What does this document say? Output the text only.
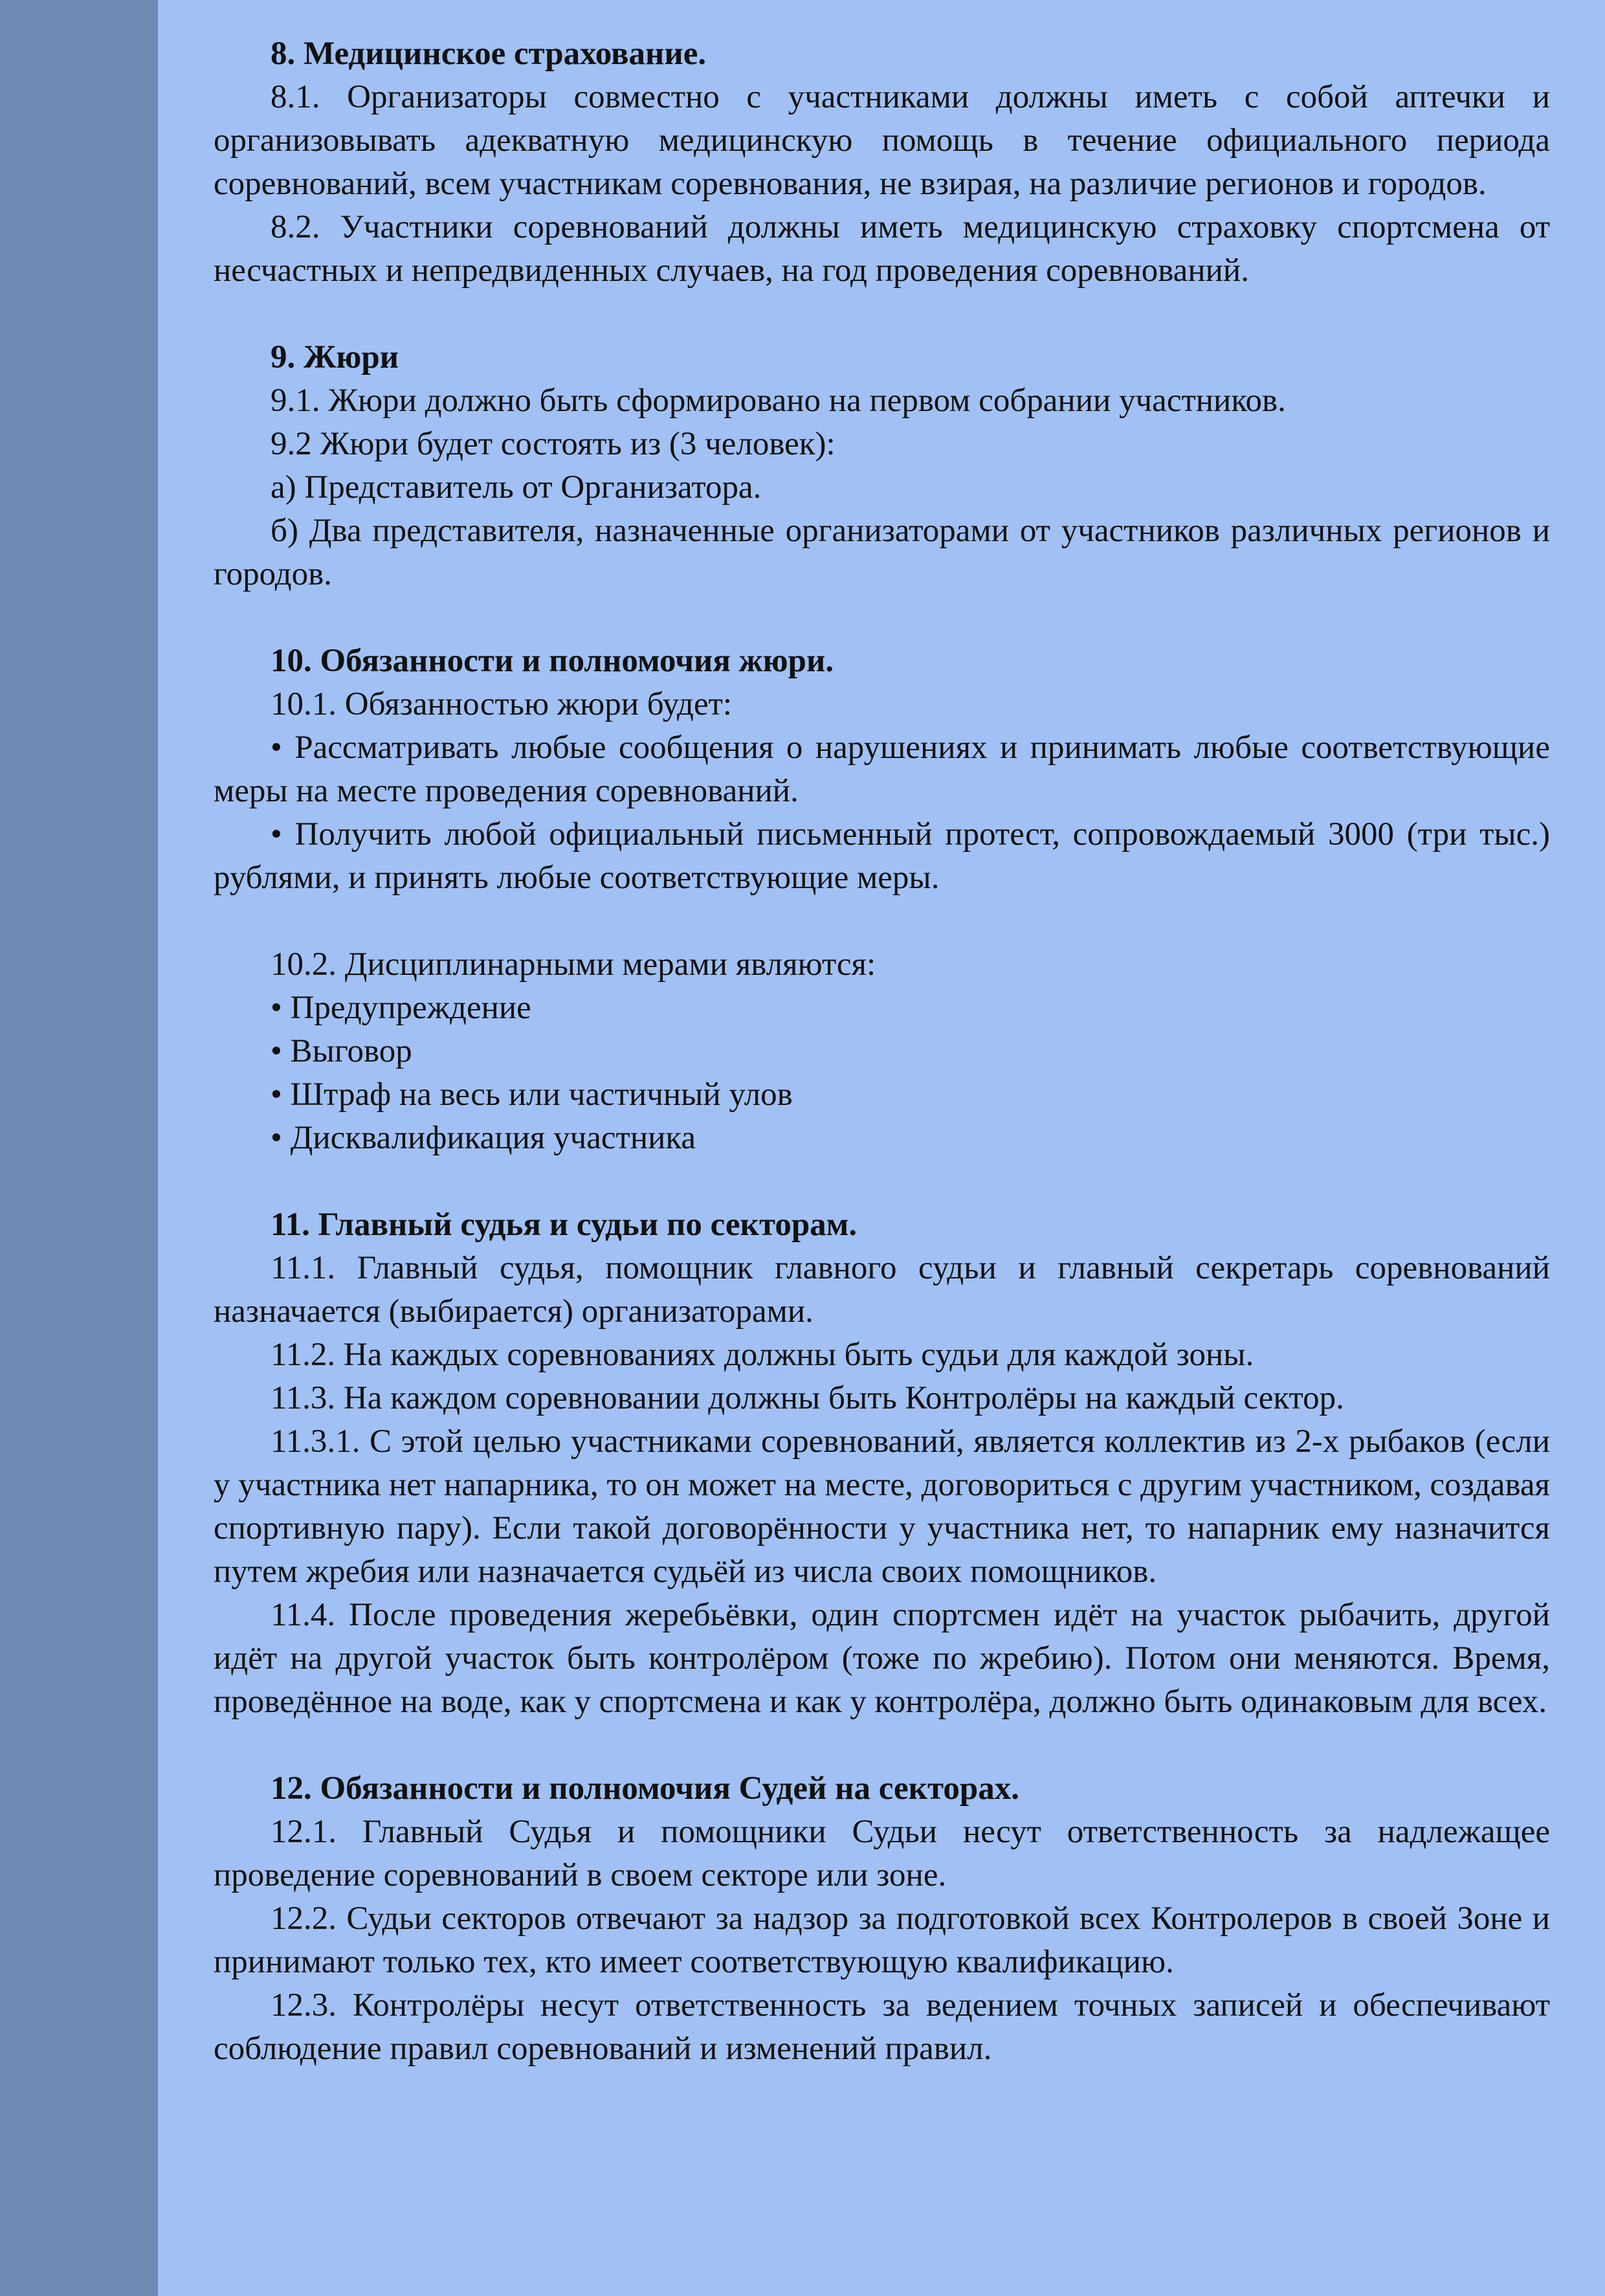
8. Медицинское страхование.

8.1. Организаторы совместно с участниками должны иметь с собой аптечки и организовывать адекватную медицинскую помощь в течение официального периода соревнований, всем участникам соревнования, не взирая, на различие регионов и городов.

8.2. Участники соревнований должны иметь медицинскую страховку спортсмена от несчастных и непредвиденных случаев, на год проведения соревнований.

9. Жюри

9.1. Жюри должно быть сформировано на первом собрании участников.

9.2 Жюри будет состоять из (3 человек):

а) Представитель от Организатора.

б) Два представителя, назначенные организаторами от участников различных регионов и городов.

10. Обязанности и полномочия жюри.

10.1. Обязанностью жюри будет:

• Рассматривать любые сообщения о нарушениях и принимать любые соответствующие меры на месте проведения соревнований.

• Получить любой официальный письменный протест, сопровождаемый 3000 (три тыс.) рублями, и принять любые соответствующие меры.

10.2. Дисциплинарными мерами являются:

• Предупреждение

• Выговор

• Штраф на весь или частичный улов

• Дисквалификация участника

11. Главный судья и судьи по секторам.

11.1. Главный судья, помощник главного судьи и главный секретарь соревнований назначается (выбирается) организаторами.

11.2. На каждых соревнованиях должны быть судьи для каждой зоны.

11.3. На каждом соревновании должны быть Контролёры на каждый сектор.

11.3.1. С этой целью участниками соревнований, является коллектив из 2-х рыбаков (если у участника нет напарника, то он может на месте, договориться с другим участником, создавая спортивную пару). Если такой договорённости у участника нет, то напарник ему назначится путем жребия или назначается судьёй из числа своих помощников.

11.4. После проведения жеребьёвки, один спортсмен идёт на участок рыбачить, другой идёт на другой участок быть контролёром (тоже по жребию). Потом они меняются. Время, проведённое на воде, как у спортсмена и как у контролёра, должно быть одинаковым для всех.

12. Обязанности и полномочия Судей на секторах.

12.1. Главный Судья и помощники Судьи несут ответственность за надлежащее проведение соревнований в своем секторе или зоне.

12.2. Судьи секторов отвечают за надзор за подготовкой всех Контролеров в своей Зоне и принимают только тех, кто имеет соответствующую квалификацию.

12.3. Контролёры несут ответственность за ведением точных записей и обеспечивают соблюдение правил соревнований и изменений правил.
